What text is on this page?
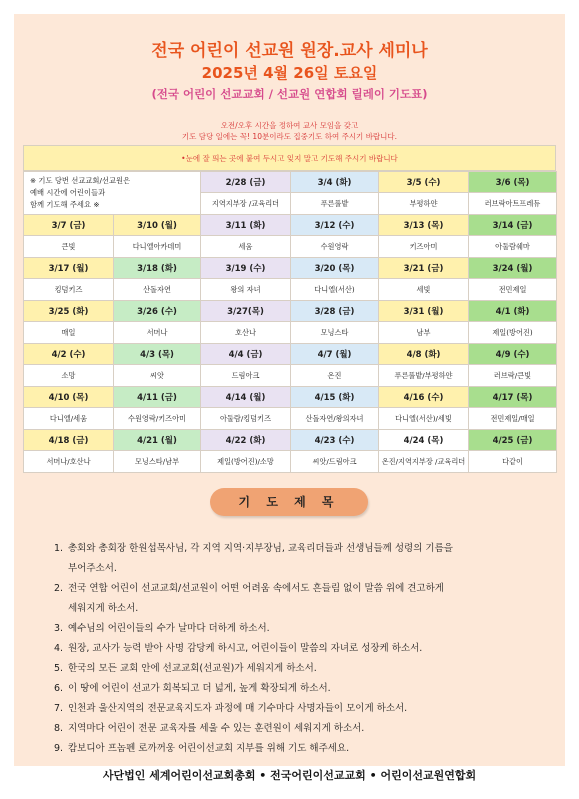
전국 어린이 선교원 원장.교사 세미나
2025년 4월 26일 토요일
(전국 어린이 선교교회 / 선교원 연합회 릴레이 기도표)
오전/오후 시간을 정하여 교사 모임을 갖고
기도 담당 일에는 꼭! 10분이라도 집중기도 하여 주시기 바랍니다.
•눈에 잘 띄는 곳에 붙여 두시고 잊지 말고 기도해 주시기 바랍니다
※ 기도 당번 선교교회/선교원은
예배 시간에 어린이들과
함께 기도해 주세요 ※		2/28 (금)	3/4 (화)	3/5 (수)	3/6 (목)
		지역지부장 /교육리더	푸른풀밭	부평하얀	러브락아트프레듀
3/7 (금)	3/10 (월)	3/11 (화)	3/12 (수)	3/13 (목)	3/14 (금)
큰빛	다니엘아카데미	세움	수원영락	키즈아미	아둘람쉐마
3/17 (월)	3/18 (화)	3/19 (수)	3/20 (목)	3/21 (금)	3/24 (월)
킹덤키즈	산돌자연	왕의 자녀	다니엘(서산)	세빛	전민제일
3/25 (화)	3/26 (수)	3/27(목)	3/28 (금)	3/31 (월)	4/1 (화)
매일	서머나	호산나	모닝스타	남부	제일(방어진)
4/2 (수)	4/3 (목)	4/4 (금)	4/7 (월)	4/8 (화)	4/9 (수)
소망	씨앗	드림아크	온진	푸른풀밭/부평하얀	러브락/큰빛
4/10 (목)	4/11 (금)	4/14 (월)	4/15 (화)	4/16 (수)	4/17 (목)
다니엘/세움	수원영락/키즈아미	아둘람/킹덤키즈	산돌자연/왕의자녀	다니엘(서산)/세빛	전민제일/매일
4/18 (금)	4/21 (월)	4/22 (화)	4/23 (수)	4/24 (목)	4/25 (금)
서머나/호산나	모닝스타/남부	제일(방어진)/소망	씨앗/드림아크	온진/지역지부장 /교육리더	다같이
기 도 제 목
1. 총회와 총회장 한원섭목사님, 각 지역 지역·지부장님, 교육리더들과 선생님들께 성령의 기름을
부어주소서.
2. 전국 연합 어린이 선교교회/선교원이 어떤 어려움 속에서도 흔들림 없이 말씀 위에 견고하게
세워지게 하소서.
3. 예수님의 어린이들의 수가 날마다 더하게 하소서.
4. 원장, 교사가 능력 받아 사명 감당케 하시고, 어린이들이 말씀의 자녀로 성장케 하소서.
5. 한국의 모든 교회 안에 선교교회(선교원)가 세워지게 하소서.
6. 이 땅에 어린이 선교가 회복되고 더 넓게, 높게 확장되게 하소서.
7. 인천과 울산지역의 전문교육지도자 과정에 매 기수마다 사명자들이 모이게 하소서.
8. 지역마다 어린이 전문 교육자를 세울 수 있는 훈련원이 세워지게 하소서.
9. 캄보디아 프놈펜 로까꺼웅 어린이선교회 지부를 위해 기도 해주세요.
사단법인 세계어린이선교회총회 • 전국어린이선교교회 • 어린이선교원연합회
